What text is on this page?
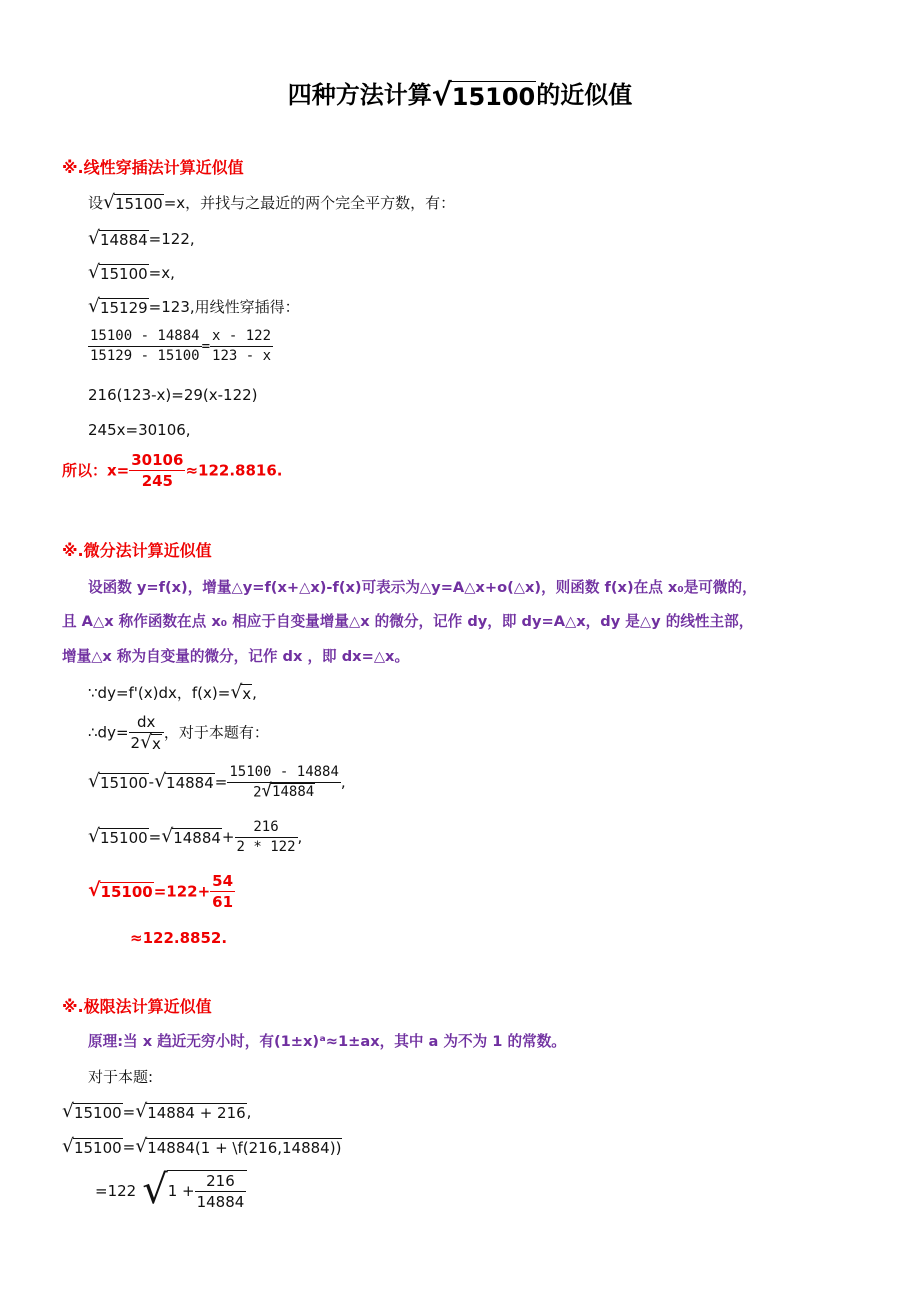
四种方法计算 √ 15100 的近似值
※.线性穿插法计算近似值
设 √ 15100 =x，并找与之最近的两个完全平方数，有：
√ 14884 =122,
√ 15100 =x,
√ 15129 =123,用线性穿插得：
$\frac{15100 - 14884}{15129 - 15100} = \frac{x - 122}{123 - x}$
216(123-x)=29(x-122)
245x=30106,
所以：$x= \frac{30106}{245} \approx 122.8816$.
※.微分法计算近似值
设函数 y=f(x)，增量△y=f(x+△x)-f(x)可表示为△y=A△x+o(△x)，则函数 f(x)在点 x₀是可微的，
且 A△x 称作函数在点 x₀ 相应于自变量增量△x 的微分，记作 dy，即 dy=A△x，dy 是△y 的线性主部，
增量△x 称为自变量的微分，记作 dx ，即 dx=△x。
∵dy=f'(x)dx，f(x)= √ x ,
∴dy= $\frac{dx}{2 √ x}$ ，对于本题有：
√ 15100 - √ $14884 = \frac{15100 - 14884}{2 √ 14884}$ ,
√ 15100 = √ $14884 + \frac{216}{2 * 122}$ ,
√ $15100 =122+ \frac{54}{61}$
≈122.8852.
※.极限法计算近似值
原理:当 x 趋近无穷小时，有(1±x)ᵃ≈1±ax，其中 a 为不为 1 的常数。
对于本题:
√ 15100 = √ 14884 + 216 ,
√ 15100 = √ 14884(1 + \f(216,14884))
=122 √ $1 + \frac{216}{14884}$
